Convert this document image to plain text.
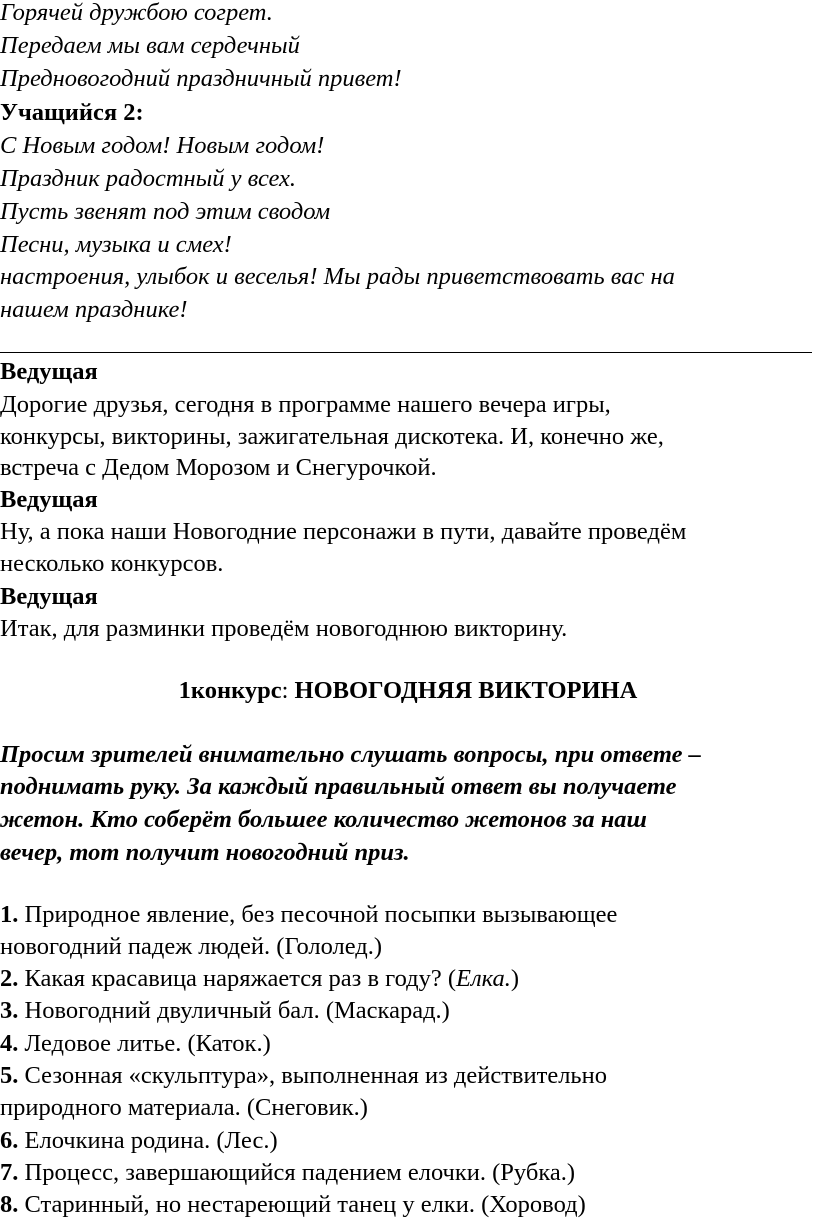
Горячей дружбою согрет.
Передаем мы вам сердечный
Предновогодний праздничный привет!
Учащийся 2:
С Новым годом! Новым годом!
Праздник радостный у всех.
Пусть звенят под этим сводом
Песни, музыка и смех!
настроения, улыбок и веселья! Мы рады приветствовать вас на
нашем празднике!
Ведущая
Дорогие друзья, сегодня в программе нашего вечера игры,
конкурсы, викторины, зажигательная дискотека. И, конечно же,
встреча с Дедом Морозом и Снегурочкой.
Ведущая
Ну, а пока наши Новогодние персонажи в пути, давайте проведём
несколько конкурсов.
Ведущая
Итак, для разминки проведём новогоднюю викторину.
1конкурс: НОВОГОДНЯЯ ВИКТОРИНА
Просим зрителей внимательно слушать вопросы, при ответе –
поднимать руку. За каждый правильный ответ вы получаете
жетон. Кто соберёт большее количество жетонов за наш
вечер, тот получит новогодний приз.
1. Природное явление, без песочной посыпки вызывающее
новогодний падеж людей. (Гололед.)
2. Какая красавица наряжается раз в году? (Елка.)
3. Новогодний двуличный бал. (Маскарад.)
4. Ледовое литье. (Каток.)
5. Сезонная «скульптура», выполненная из действительно
природного материала. (Снеговик.)
6. Елочкина родина. (Лес.)
7. Процесс, завершающийся падением елочки. (Рубка.)
8. Старинный, но нестареющий танец у елки. (Хоровод)
